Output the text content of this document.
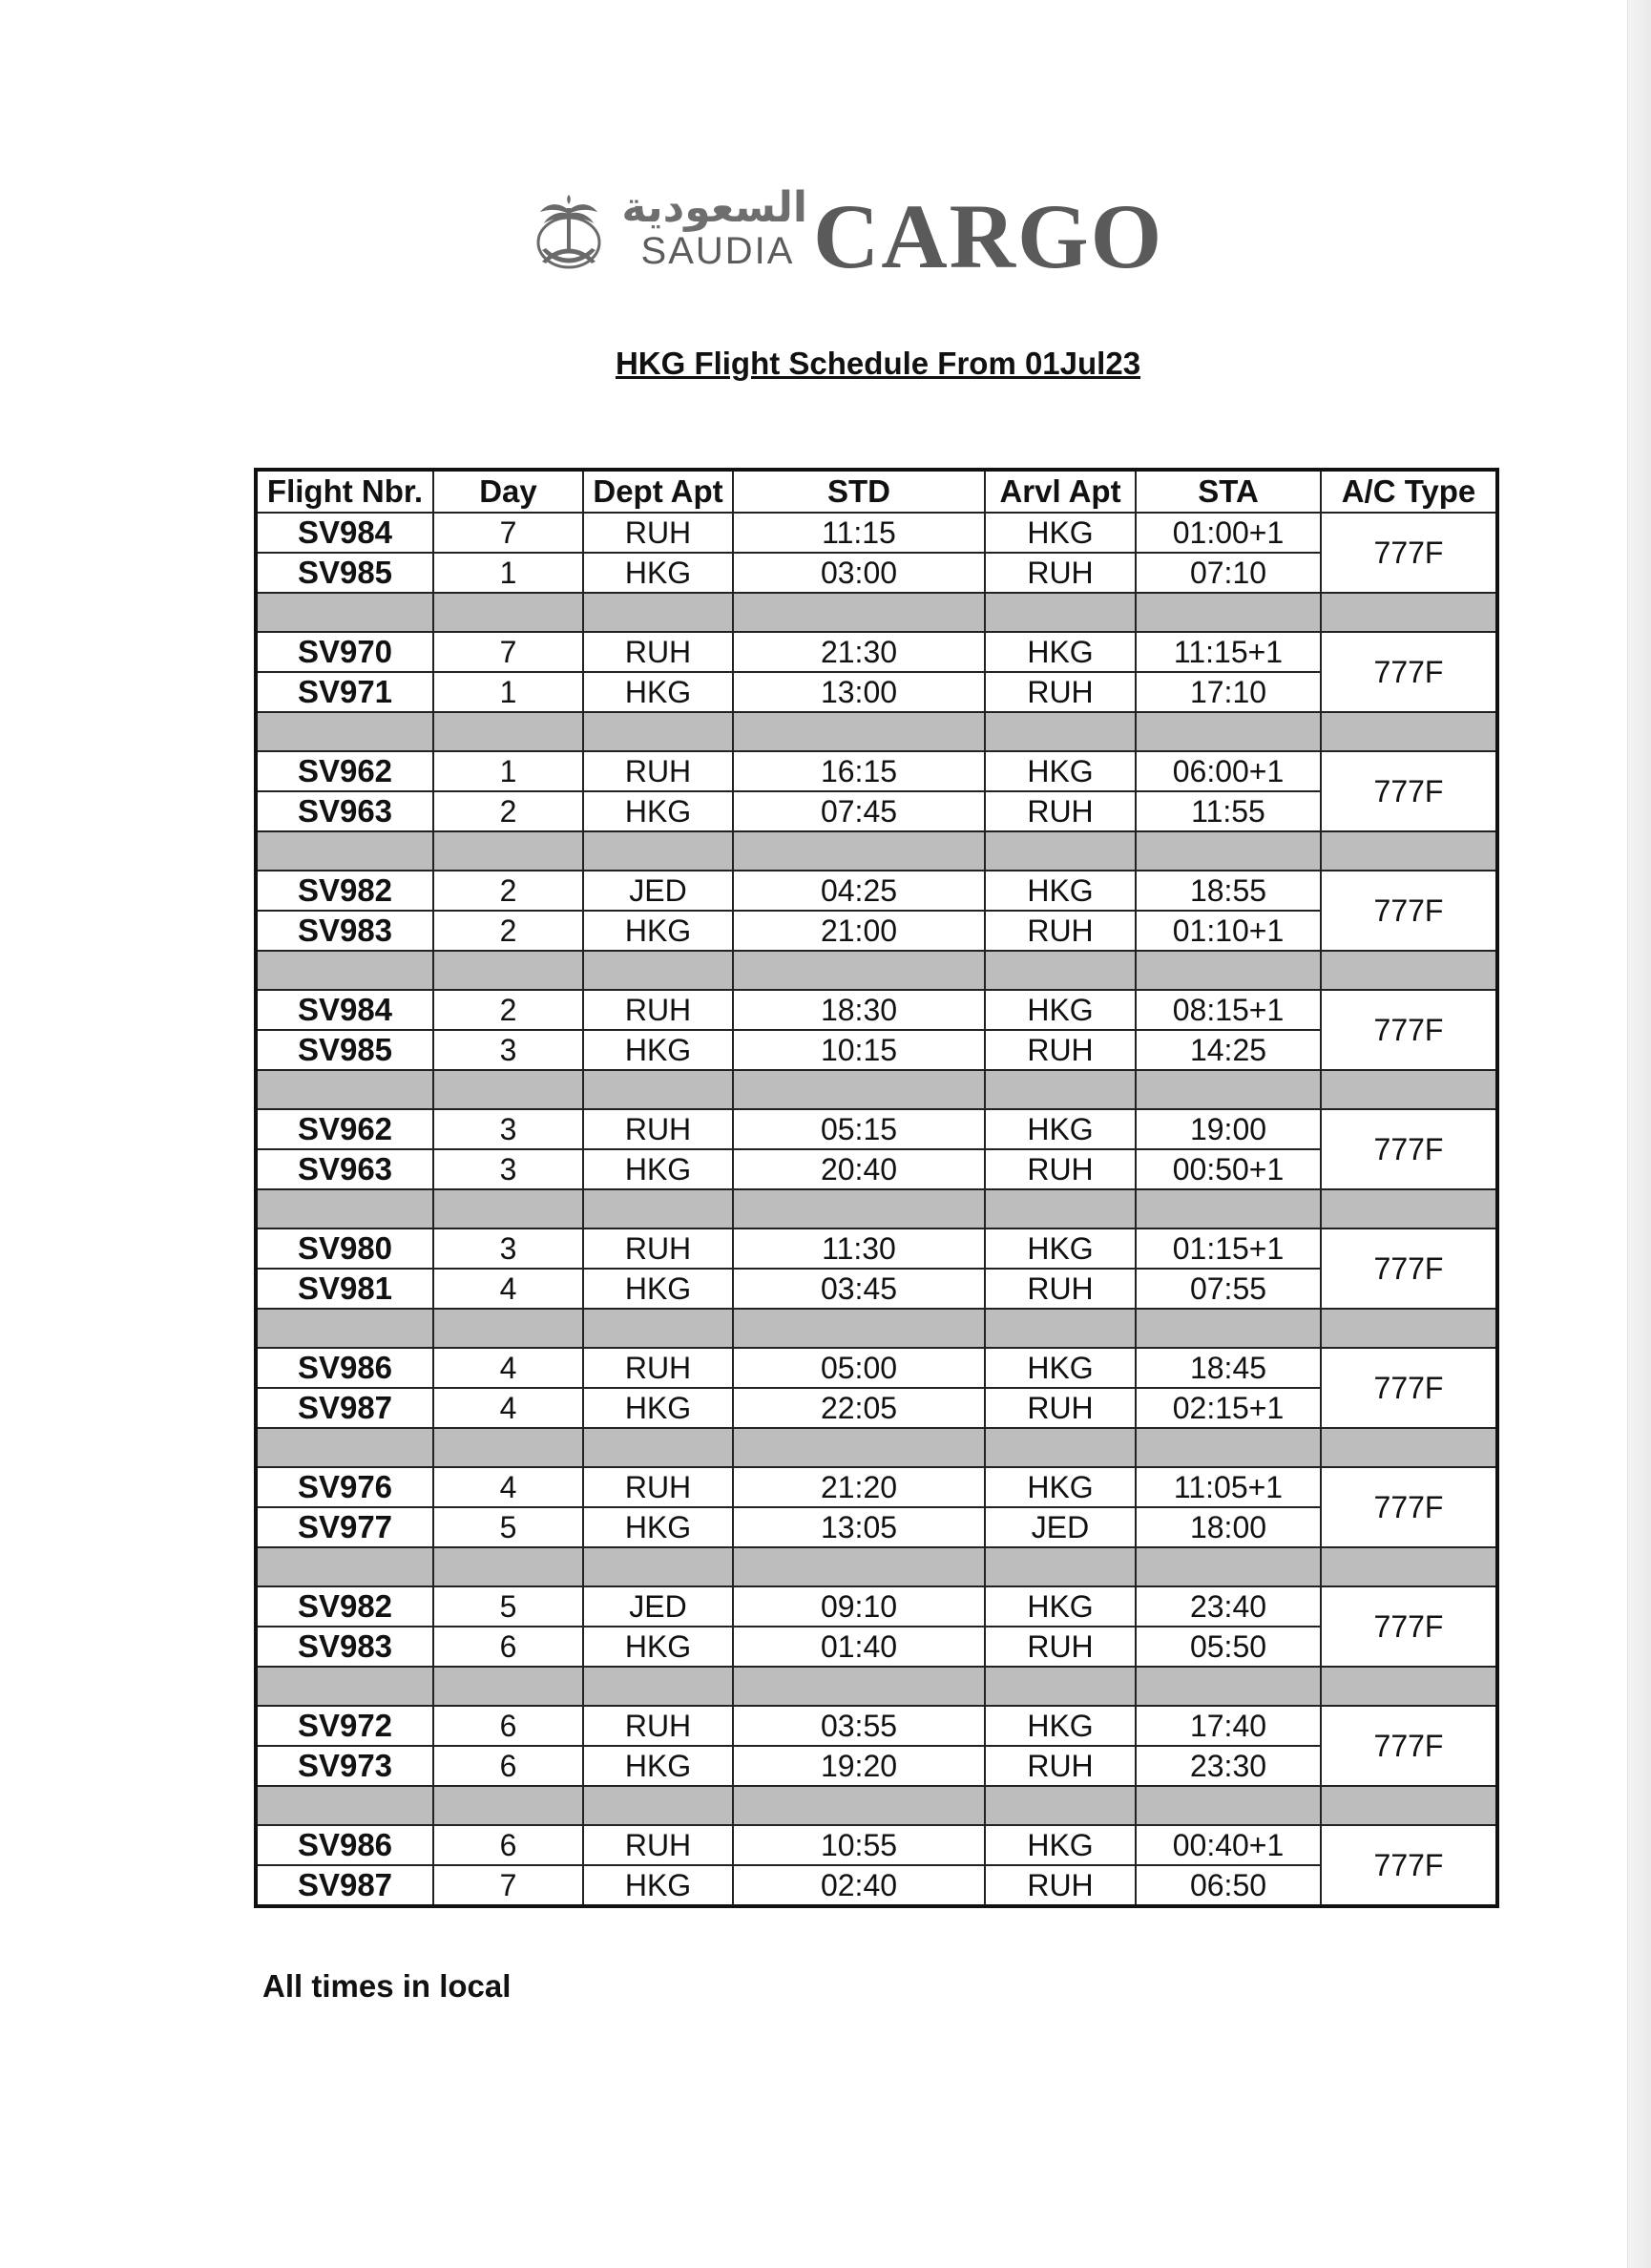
السعودية
SAUDIA CARGO
HKG Flight Schedule From 01Jul23
Flight Nbr.	Day	Dept Apt	STD	Arvl Apt	STA	A/C Type
SV984	7	RUH	11:15	HKG	01:00+1	777F
SV985	1	HKG	03:00	RUH	07:10	

SV970	7	RUH	21:30	HKG	11:15+1	777F
SV971	1	HKG	13:00	RUH	17:10	

SV962	1	RUH	16:15	HKG	06:00+1	777F
SV963	2	HKG	07:45	RUH	11:55	

SV982	2	JED	04:25	HKG	18:55	777F
SV983	2	HKG	21:00	RUH	01:10+1	

SV984	2	RUH	18:30	HKG	08:15+1	777F
SV985	3	HKG	10:15	RUH	14:25	

SV962	3	RUH	05:15	HKG	19:00	777F
SV963	3	HKG	20:40	RUH	00:50+1	

SV980	3	RUH	11:30	HKG	01:15+1	777F
SV981	4	HKG	03:45	RUH	07:55	

SV986	4	RUH	05:00	HKG	18:45	777F
SV987	4	HKG	22:05	RUH	02:15+1	

SV976	4	RUH	21:20	HKG	11:05+1	777F
SV977	5	HKG	13:05	JED	18:00	

SV982	5	JED	09:10	HKG	23:40	777F
SV983	6	HKG	01:40	RUH	05:50	

SV972	6	RUH	03:55	HKG	17:40	777F
SV973	6	HKG	19:20	RUH	23:30	

SV986	6	RUH	10:55	HKG	00:40+1	777F
SV987	7	HKG	02:40	RUH	06:50	
All times in local
